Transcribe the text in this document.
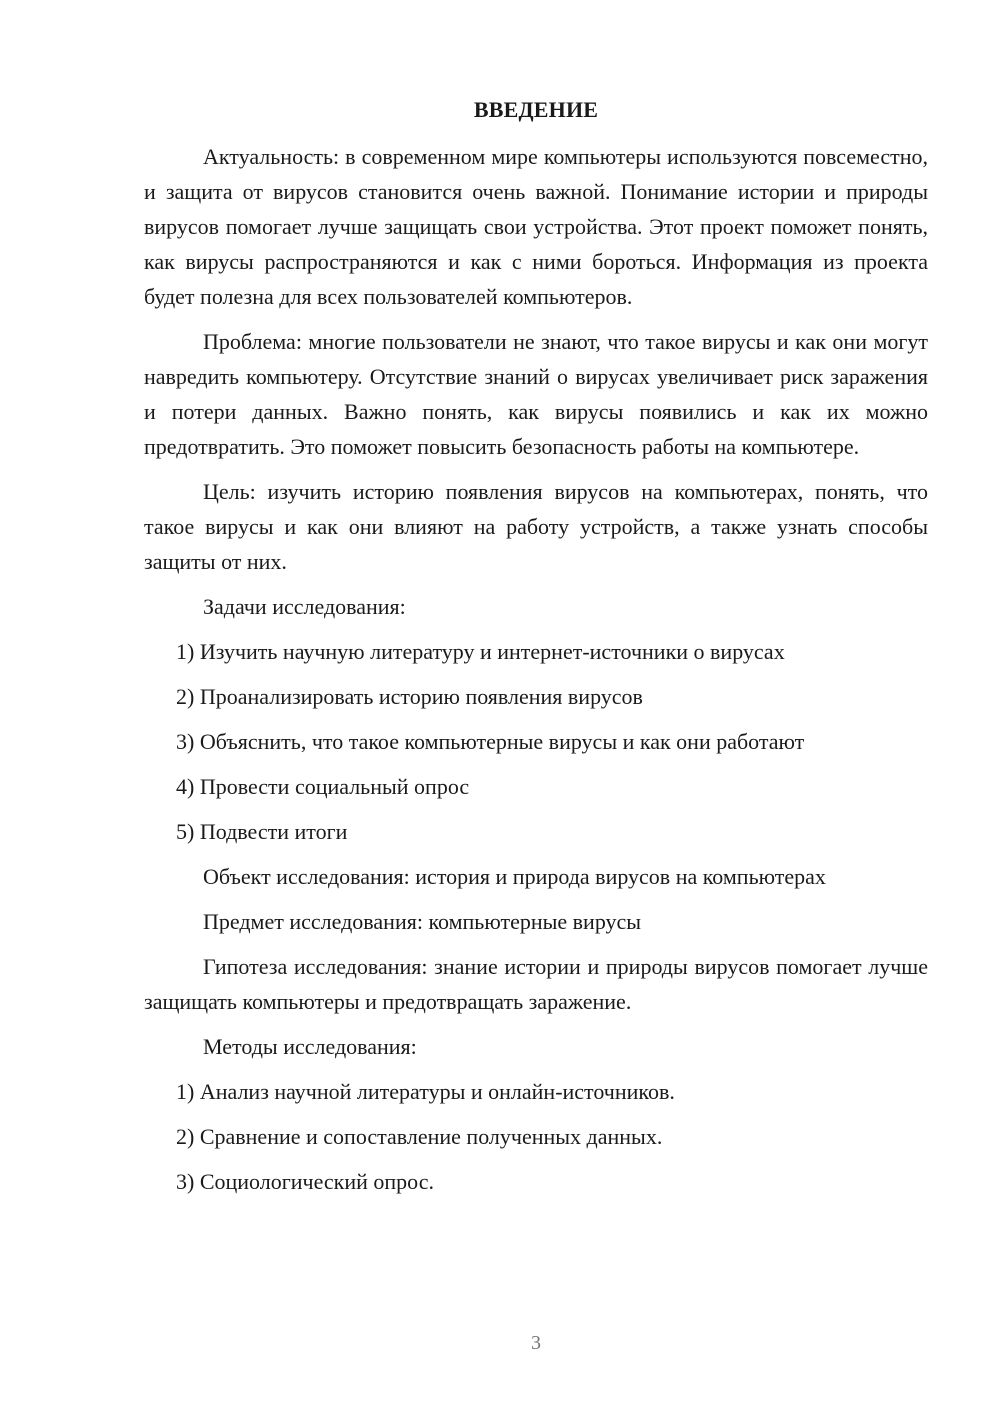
ВВЕДЕНИЕ

Актуальность: в современном мире компьютеры используются повсеместно, и защита от вирусов становится очень важной. Понимание истории и природы вирусов помогает лучше защищать свои устройства. Этот проект поможет понять, как вирусы распространяются и как с ними бороться. Информация из проекта будет полезна для всех пользователей компьютеров.

Проблема: многие пользователи не знают, что такое вирусы и как они могут навредить компьютеру. Отсутствие знаний о вирусах увеличивает риск заражения и потери данных. Важно понять, как вирусы появились и как их можно предотвратить. Это поможет повысить безопасность работы на компьютере.

Цель: изучить историю появления вирусов на компьютерах, понять, что такое вирусы и как они влияют на работу устройств, а также узнать способы защиты от них.

Задачи исследования:
1) Изучить научную литературу и интернет-источники о вирусах
2) Проанализировать историю появления вирусов
3) Объяснить, что такое компьютерные вирусы и как они работают
4) Провести социальный опрос
5) Подвести итоги
Объект исследования: история и природа вирусов на компьютерах
Предмет исследования: компьютерные вирусы

Гипотеза исследования: знание истории и природы вирусов помогает лучше защищать компьютеры и предотвращать заражение.

Методы исследования:
1) Анализ научной литературы и онлайн-источников.
2) Сравнение и сопоставление полученных данных.
3) Социологический опрос.
3
